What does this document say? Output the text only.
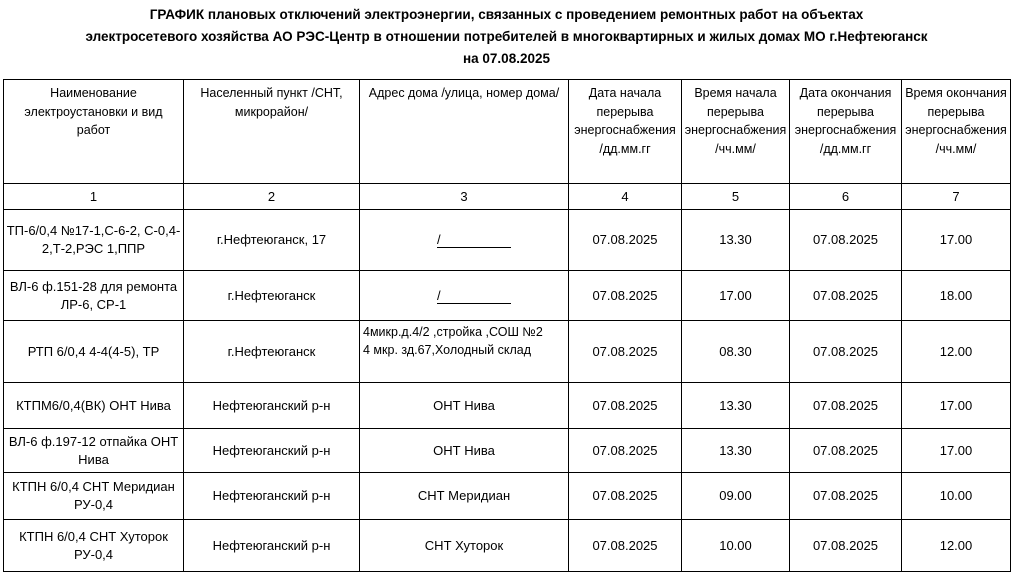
ГРАФИК плановых отключений электроэнергии, связанных с проведением ремонтных работ на объектах
электросетевого хозяйства АО РЭС-Центр в отношении потребителей в многоквартирных и жилых домах МО г.Нефтеюганск
на 07.08.2025
Наименование электроустановки и вид работ	Населенный пункт /СНТ, микрорайон/	Адрес дома /улица, номер дома/	Дата начала перерыва энергоснабжения /дд.мм.гг	Время начала перерыва энергоснабжения /чч.мм/	Дата окончания перерыва энергоснабжения /дд.мм.гг	Время окончания перерыва энергоснабжения /чч.мм/
1	2	3	4	5	6	7
ТП-6/0,4 №17-1,С-6-2, С-0,4-2,Т-2,РЭС 1,ППР	г.Нефтеюганск, 17	/	07.08.2025	13.30	07.08.2025	17.00
ВЛ-6 ф.151-28 для ремонта ЛР-6, СР-1	г.Нефтеюганск	/	07.08.2025	17.00	07.08.2025	18.00
РТП 6/0,4 4-4(4-5), ТР	г.Нефтеюганск	4микр.д.4/2 ,стройка ,СОШ №2
4 мкр. зд.67,Холодный склад	07.08.2025	08.30	07.08.2025	12.00
КТПМ6/0,4(ВК) ОНТ Нива	Нефтеюганский р-н	ОНТ Нива	07.08.2025	13.30	07.08.2025	17.00
ВЛ-6 ф.197-12 отпайка ОНТ Нива	Нефтеюганский р-н	ОНТ Нива	07.08.2025	13.30	07.08.2025	17.00
КТПН 6/0,4 СНТ Меридиан РУ-0,4	Нефтеюганский р-н	СНТ Меридиан	07.08.2025	09.00	07.08.2025	10.00
КТПН 6/0,4 СНТ Хуторок РУ-0,4	Нефтеюганский р-н	СНТ Хуторок	07.08.2025	10.00	07.08.2025	12.00
